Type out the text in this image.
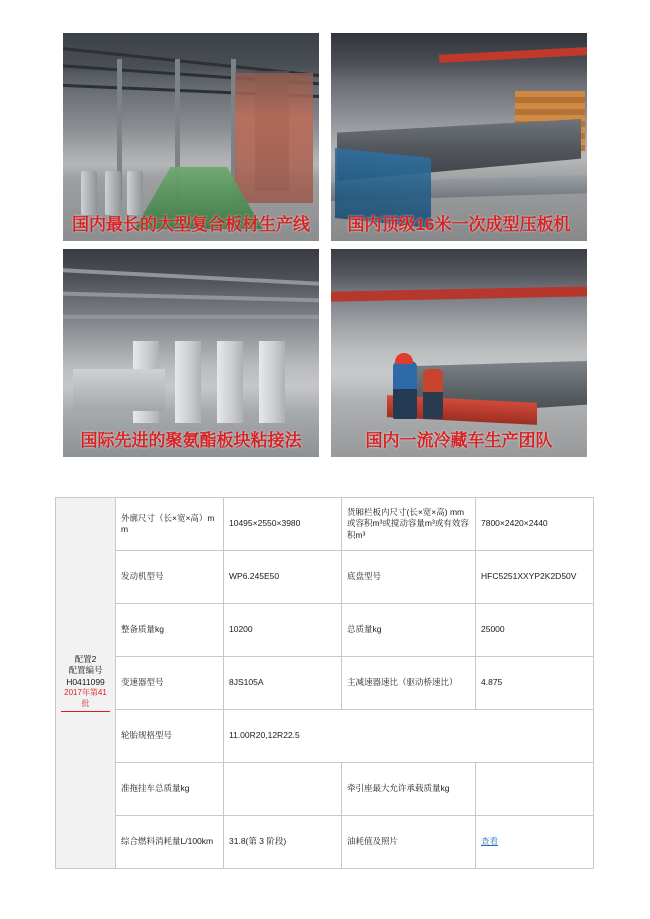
国内最长的大型复合板材生产线	国内顶级16米一次成型压板机
国际先进的聚氨酯板块粘接法	国内一流冷藏车生产团队
配置2
配置编号
H0411099
2017年第41批	外廓尺寸（长×宽×高）mm	10495×2550×3980	货厢栏板内尺寸(长×宽×高) mm或容积m³或搅动容量m³或有效容积m³	7800×2420×2440
	发动机型号	WP6.245E50	底盘型号	HFC5251XXYP2K2D50V
	整备质量kg	10200	总质量kg	25000
	变速器型号	8JS105A	主减速器速比（驱动桥速比）	4.875
	轮胎规格型号	11.00R20,12R22.5		
	准拖挂车总质量kg		牵引座最大允许承载质量kg	
	综合燃料消耗量L/100km	31.8(第 3 阶段)	油耗值及照片	查看
